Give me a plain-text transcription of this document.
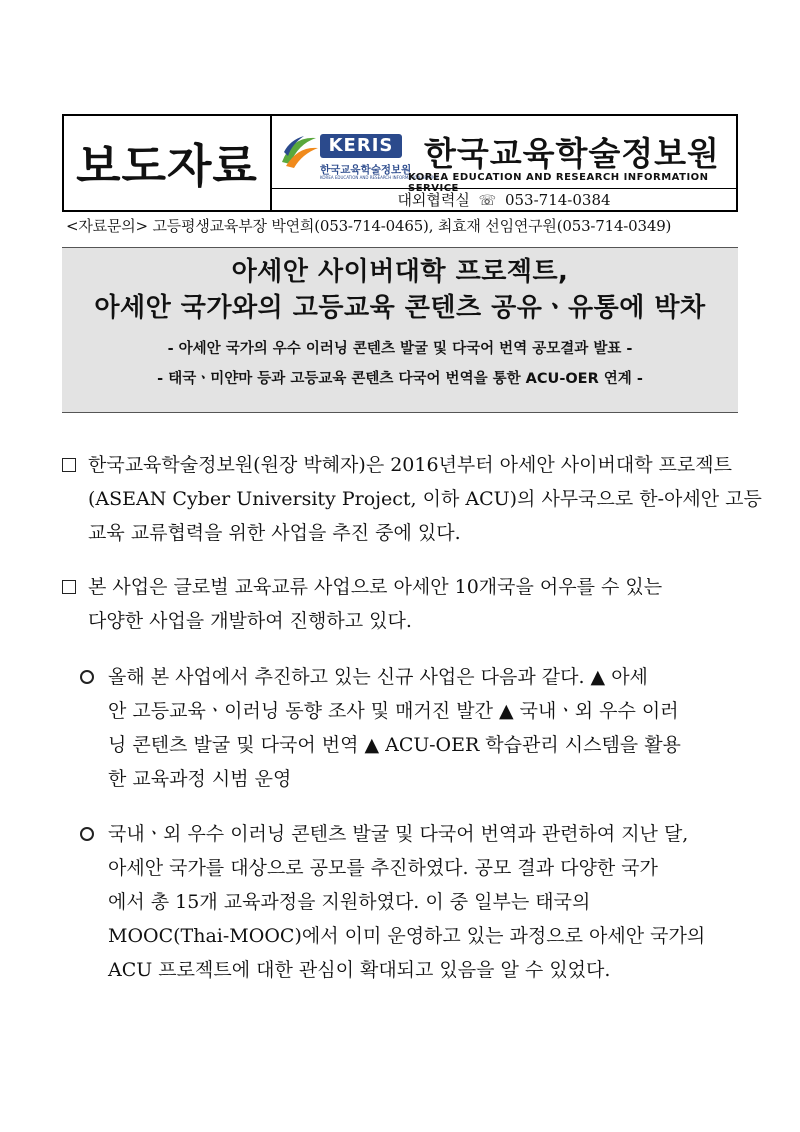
보도자료	KERIS
한국교육학술정보원
KOREA EDUCATION AND RESEARCH INFORMATION SERVICE
한국교육학술정보원
KOREA EDUCATION AND RESEARCH INFORMATION SERVICE
대외협력실 ☏ 053-714-0384
<자료문의> 고등평생교육부장 박연희(053-714-0465), 최효재 선임연구원(053-714-0349)
아세안 사이버대학 프로젝트,
아세안 국가와의 고등교육 콘텐츠 공유ㆍ유통에 박차
- 아세안 국가의 우수 이러닝 콘텐츠 발굴 및 다국어 번역 공모결과 발표 -
- 태국ㆍ미얀마 등과 고등교육 콘텐츠 다국어 번역을 통한 ACU-OER 연계 -
한국교육학술정보원(원장 박혜자)은 2016년부터 아세안 사이버대학 프로젝트
(ASEAN Cyber University Project, 이하 ACU)의 사무국으로 한-아세안 고등
교육 교류협력을 위한 사업을 추진 중에 있다.
본 사업은 글로벌 교육교류 사업으로 아세안 10개국을 어우를 수 있는
다양한 사업을 개발하여 진행하고 있다.
올해 본 사업에서 추진하고 있는 신규 사업은 다음과 같다. ▲ 아세
안 고등교육ㆍ이러닝 동향 조사 및 매거진 발간 ▲ 국내ㆍ외 우수 이러
닝 콘텐츠 발굴 및 다국어 번역 ▲ ACU-OER 학습관리 시스템을 활용
한 교육과정 시범 운영
국내ㆍ외 우수 이러닝 콘텐츠 발굴 및 다국어 번역과 관련하여 지난 달,
아세안 국가를 대상으로 공모를 추진하였다. 공모 결과 다양한 국가
에서 총 15개 교육과정을 지원하였다. 이 중 일부는 태국의
MOOC(Thai-MOOC)에서 이미 운영하고 있는 과정으로 아세안 국가의
ACU 프로젝트에 대한 관심이 확대되고 있음을 알 수 있었다.
